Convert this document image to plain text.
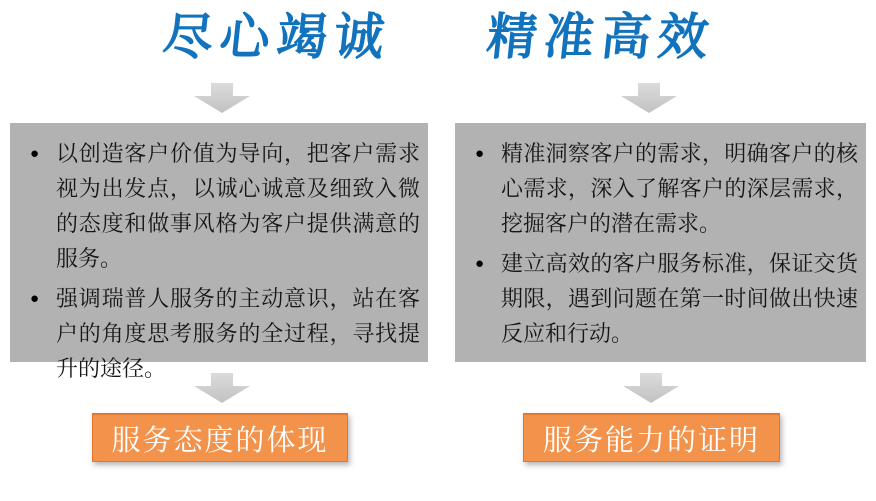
尽心竭诚	精准高效
● 以创造客户价值为导向，把客户需求视为出发点，以诚心诚意及细致入微的态度和做事风格为客户提供满意的服务。
● 强调瑞普人服务的主动意识，站在客户的角度思考服务的全过程，寻找提升的途径。
● 精准洞察客户的需求，明确客户的核心需求，深入了解客户的深层需求，挖掘客户的潜在需求。
● 建立高效的客户服务标准，保证交货期限，遇到问题在第一时间做出快速反应和行动。
服务态度的体现	服务能力的证明
